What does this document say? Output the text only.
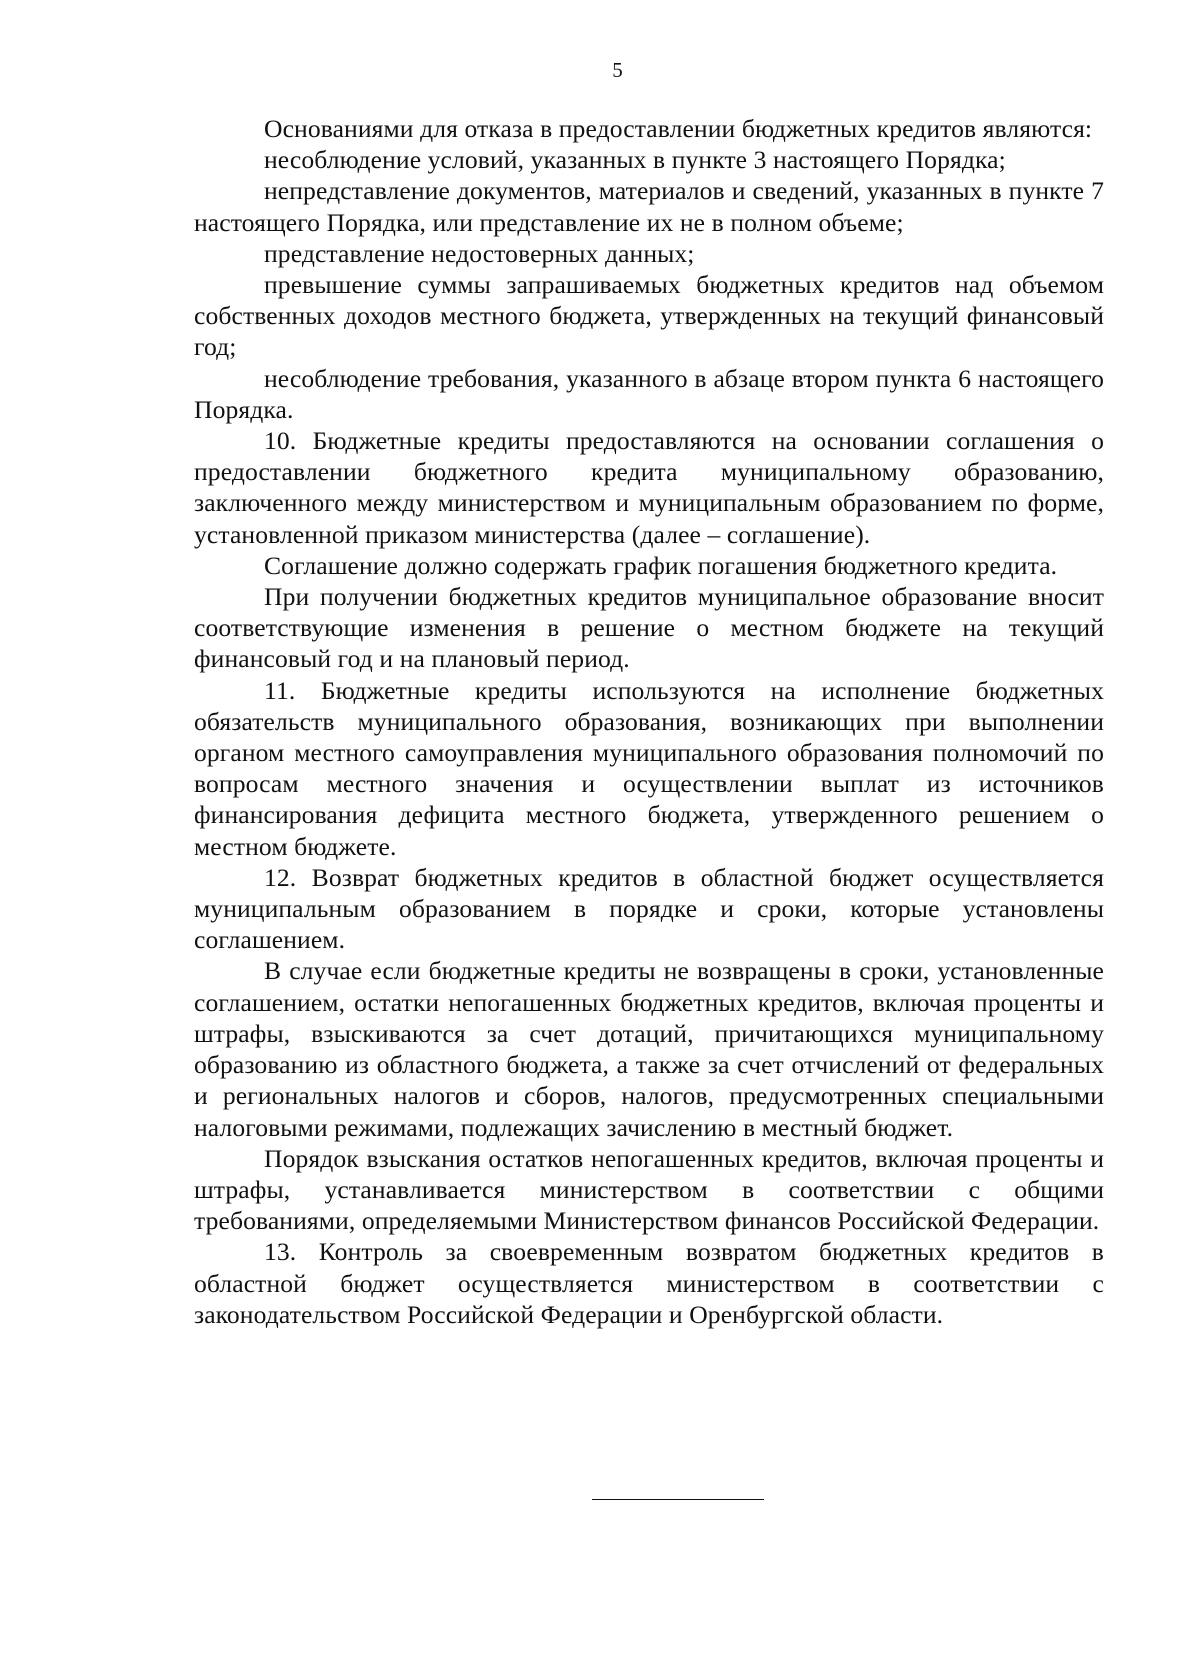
5

Основаниями для отказа в предоставлении бюджетных кредитов являются:

несоблюдение условий, указанных в пункте 3 настоящего Порядка;

непредставление документов, материалов и сведений, указанных в пункте 7 настоящего Порядка, или представление их не в полном объеме;

представление недостоверных данных;

превышение суммы запрашиваемых бюджетных кредитов над объемом собственных доходов местного бюджета, утвержденных на текущий финансовый год;

несоблюдение требования, указанного в абзаце втором пункта 6 настоящего Порядка.

10. Бюджетные кредиты предоставляются на основании соглашения о предоставлении бюджетного кредита муниципальному образованию, заключенного между министерством и муниципальным образованием по форме, установленной приказом министерства (далее – соглашение).

Соглашение должно содержать график погашения бюджетного кредита.

При получении бюджетных кредитов муниципальное образование вносит соответствующие изменения в решение о местном бюджете на текущий финансовый год и на плановый период.

11. Бюджетные кредиты используются на исполнение бюджетных обязательств муниципального образования, возникающих при выполнении органом местного самоуправления муниципального образования полномочий по вопросам местного значения и осуществлении выплат из источников финансирования дефицита местного бюджета, утвержденного решением о местном бюджете.

12. Возврат бюджетных кредитов в областной бюджет осуществляется муниципальным образованием в порядке и сроки, которые установлены соглашением.

В случае если бюджетные кредиты не возвращены в сроки, установленные соглашением, остатки непогашенных бюджетных кредитов, включая проценты и штрафы, взыскиваются за счет дотаций, причитающихся муниципальному образованию из областного бюджета, а также за счет отчислений от федеральных и региональных налогов и сборов, налогов, предусмотренных специальными налоговыми режимами, подлежащих зачислению в местный бюджет.

Порядок взыскания остатков непогашенных кредитов, включая проценты и штрафы, устанавливается министерством в соответствии с общими требованиями, определяемыми Министерством финансов Российской Федерации.

13. Контроль за своевременным возвратом бюджетных кредитов в областной бюджет осуществляется министерством в соответствии с законодательством Российской Федерации и Оренбургской области.
